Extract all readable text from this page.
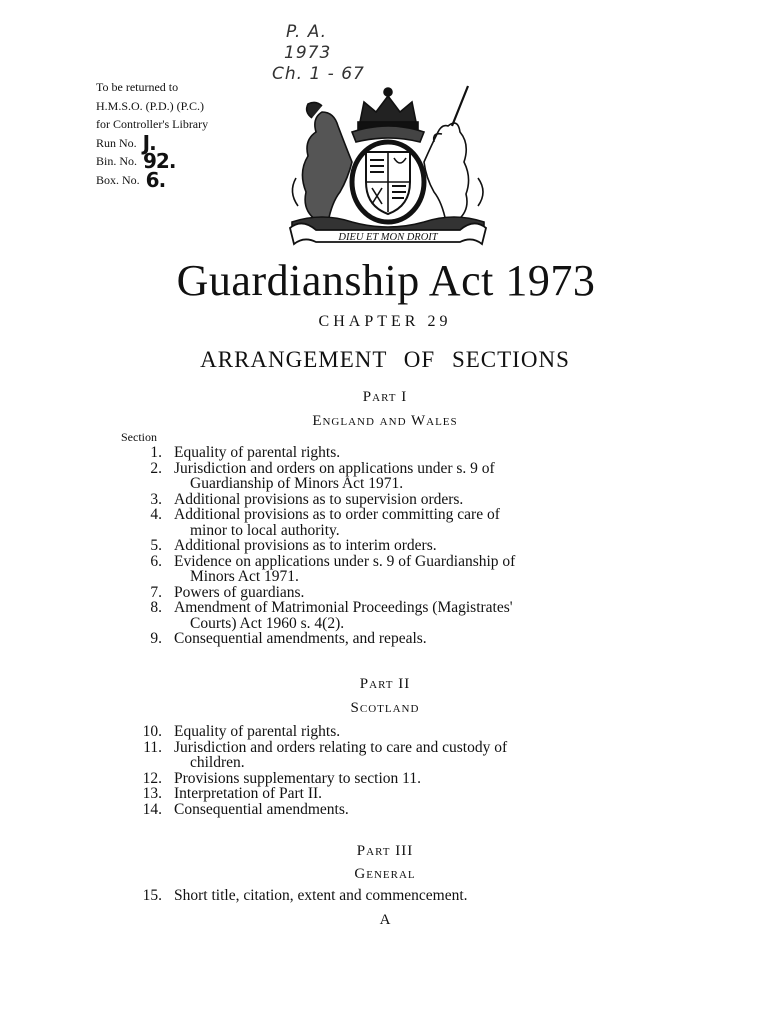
P. A.
1973
Ch. 1 - 67
To be returned to
H.M.S.O. (P.D.) (P.C.)
for Controller's Library
Run No. J.
Bin. No. 92.
Box. No. 6.
DIEU ET MON DROIT
Guardianship Act 1973
CHAPTER 29
ARRANGEMENT OF SECTIONS
Part I
England and Wales
Section
1. Equality of parental rights.
2. Jurisdiction and orders on applications under s. 9 of
Guardianship of Minors Act 1971.
3. Additional provisions as to supervision orders.
4. Additional provisions as to order committing care of
minor to local authority.
5. Additional provisions as to interim orders.
6. Evidence on applications under s. 9 of Guardianship of
Minors Act 1971.
7. Powers of guardians.
8. Amendment of Matrimonial Proceedings (Magistrates'
Courts) Act 1960 s. 4(2).
9. Consequential amendments, and repeals.
Part II
Scotland
10. Equality of parental rights.
11. Jurisdiction and orders relating to care and custody of
children.
12. Provisions supplementary to section 11.
13. Interpretation of Part II.
14. Consequential amendments.
Part III
General
15. Short title, citation, extent and commencement.
A
